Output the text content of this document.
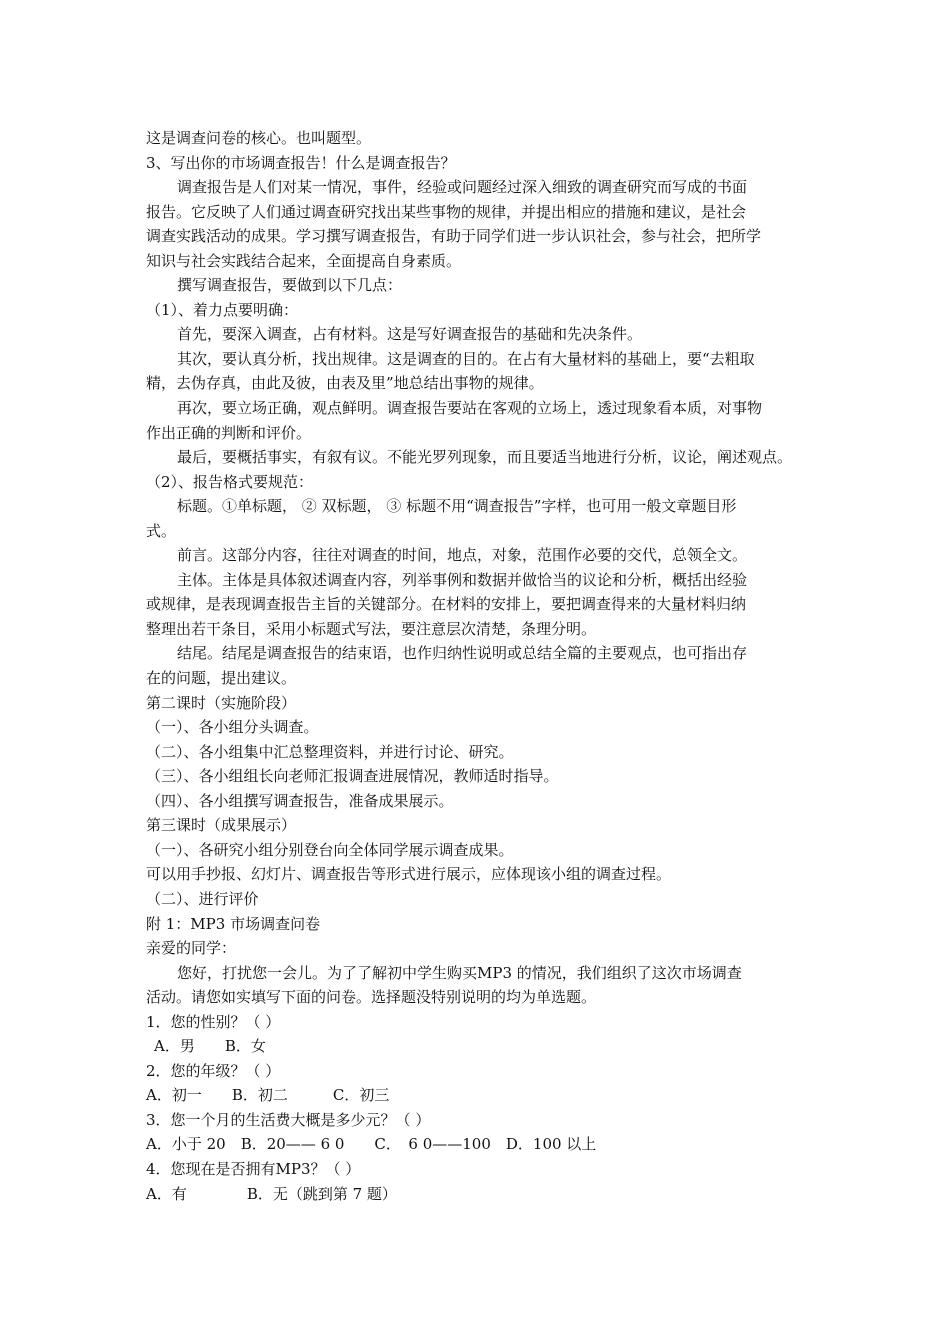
这是调查问卷的核心。也叫题型。
3、写出你的市场调查报告！什么是调查报告？
调查报告是人们对某一情况，事件，经验或问题经过深入细致的调查研究而写成的书面
报告。它反映了人们通过调查研究找出某些事物的规律，并提出相应的措施和建议，是社会
调查实践活动的成果。学习撰写调查报告，有助于同学们进一步认识社会，参与社会，把所学
知识与社会实践结合起来，全面提高自身素质。
撰写调查报告，要做到以下几点：
（1）、着力点要明确：
首先，要深入调查，占有材料。这是写好调查报告的基础和先决条件。
其次，要认真分析，找出规律。这是调查的目的。在占有大量材料的基础上，要“去粗取
精，去伪存真，由此及彼，由表及里”地总结出事物的规律。
再次，要立场正确，观点鲜明。调查报告要站在客观的立场上，透过现象看本质，对事物
作出正确的判断和评价。
最后，要概括事实，有叙有议。不能光罗列现象，而且要适当地进行分析，议论，阐述观点。
（2）、报告格式要规范：
标题。①单标题， ② 双标题， ③ 标题不用“调查报告”字样，也可用一般文章题目形
式。
前言。这部分内容，往往对调查的时间，地点，对象，范围作必要的交代，总领全文。
主体。主体是具体叙述调查内容，列举事例和数据并做恰当的议论和分析，概括出经验
或规律，是表现调查报告主旨的关键部分。在材料的安排上，要把调查得来的大量材料归纳
整理出若干条目，采用小标题式写法，要注意层次清楚，条理分明。
结尾。结尾是调查报告的结束语，也作归纳性说明或总结全篇的主要观点，也可指出存
在的问题，提出建议。
第二课时（实施阶段）
（一）、各小组分头调查。
（二）、各小组集中汇总整理资料，并进行讨论、研究。
（三）、各小组组长向老师汇报调查进展情况，教师适时指导。
（四）、各小组撰写调查报告，准备成果展示。
第三课时（成果展示）
（一）、各研究小组分别登台向全体同学展示调查成果。
可以用手抄报、幻灯片、调查报告等形式进行展示，应体现该小组的调查过程。
（二）、进行评价
附 1：MP3 市场调查问卷
亲爱的同学：
您好，打扰您一会儿。为了了解初中学生购买MP3 的情况，我们组织了这次市场调查
活动。请您如实填写下面的问卷。选择题没特别说明的均为单选题。
1．您的性别？（ ）
A．男　　B．女
2．您的年级？（ ）
A．初一　　B．初二　　　C．初三
3．您一个月的生活费大概是多少元？（ ）
A．小于 20　B．20—— 6 0　　C．　6 0——100　D．100 以上
4．您现在是否拥有MP3？（ ）
A．有　　　　B．无（跳到第 7 题）
